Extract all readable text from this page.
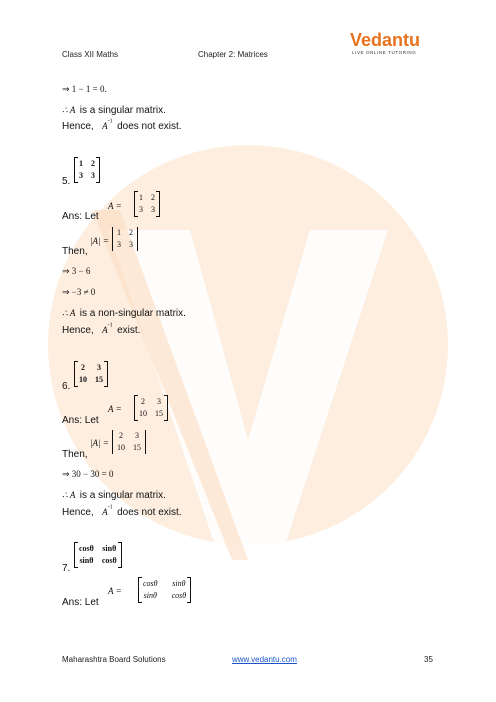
Class XII Maths	Chapter 2: Matrices
Vedantu
LIVE ONLINE TUTORING
⇒ 1 − 1 = 0.
∴ A is a singular matrix.
Hence, $A^{-1}$ does not exist.
1 2
3 3
5.
Ans: Let
A =
1 2
3 3
Then,
|A| =
1 2
3 3
⇒ 3 − 6
⇒ −3 ≠ 0
∴ A is a non-singular matrix.
Hence, $A^{-1}$ exist.
2 3
10 15
6.
Ans: Let
A =
2 3
10 15
Then,
|A| =
2 3
10 15
⇒ 30 − 30 = 0
∴ A is a singular matrix.
Hence, $A^{-1}$ does not exist.
cosθ sinθ
sinθ cosθ
7.
Ans: Let
A =
cosθ sinθ
sinθ cosθ
Maharashtra Board Solutions	www.vedantu.com	35
